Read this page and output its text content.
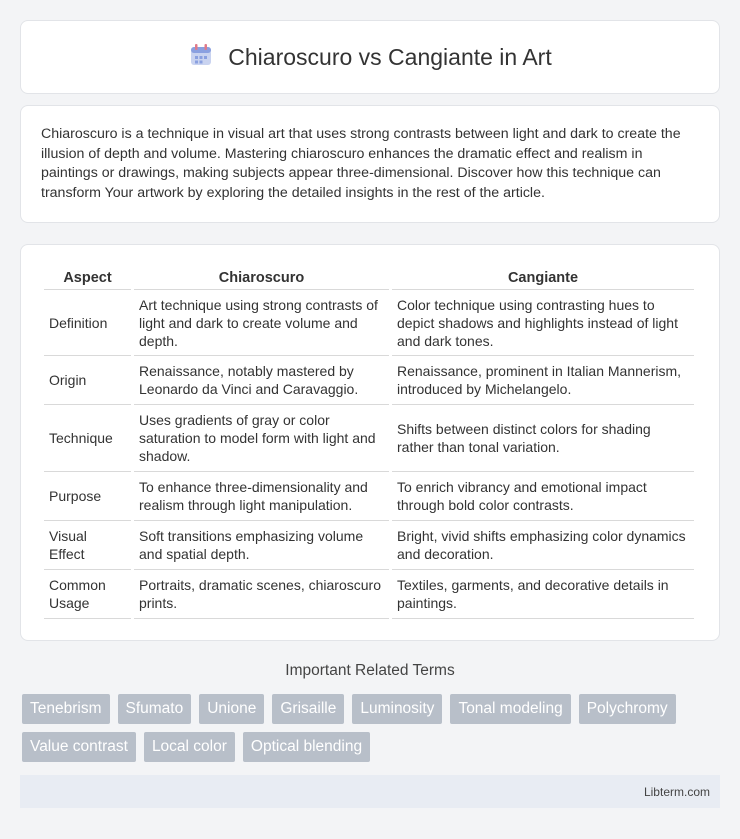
Chiaroscuro vs Cangiante in Art

Chiaroscuro is a technique in visual art that uses strong contrasts between light and dark to create the illusion of depth and volume. Mastering chiaroscuro enhances the dramatic effect and realism in paintings or drawings, making subjects appear three-dimensional. Discover how this technique can transform Your artwork by exploring the detailed insights in the rest of the article.

Aspect	Chiaroscuro	Cangiante
Definition	Art technique using strong contrasts of light and dark to create volume and depth.	Color technique using contrasting hues to depict shadows and highlights instead of light and dark tones.
Origin	Renaissance, notably mastered by Leonardo da Vinci and Caravaggio.	Renaissance, prominent in Italian Mannerism, introduced by Michelangelo.
Technique	Uses gradients of gray or color saturation to model form with light and shadow.	Shifts between distinct colors for shading rather than tonal variation.
Purpose	To enhance three-dimensionality and realism through light manipulation.	To enrich vibrancy and emotional impact through bold color contrasts.
Visual Effect	Soft transitions emphasizing volume and spatial depth.	Bright, vivid shifts emphasizing color dynamics and decoration.
Common Usage	Portraits, dramatic scenes, chiaroscuro prints.	Textiles, garments, and decorative details in paintings.
Important Related Terms
Tenebrism	Sfumato	Unione	Grisaille	Luminosity	Tonal modeling	Polychromy
Value contrast	Local color	Optical blending
Libterm.com
